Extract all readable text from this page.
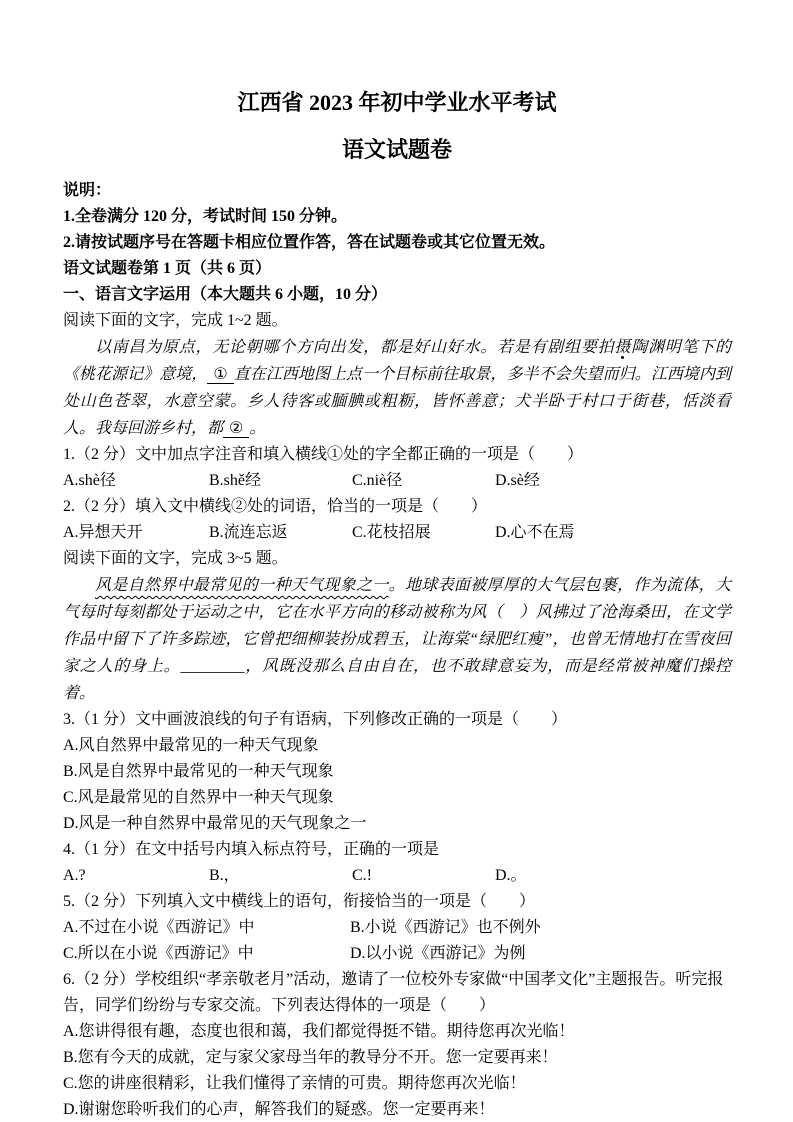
江西省 2023 年初中学业水平考试
语文试题卷
说明：
1.全卷满分 120 分，考试时间 150 分钟。
2.请按试题序号在答题卡相应位置作答，答在试题卷或其它位置无效。
语文试题卷第 1 页（共 6 页）
一、语言文字运用（本大题共 6 小题，10 分）
阅读下面的文字，完成 1~2 题。

以南昌为原点，无论朝哪个方向出发，都是好山好水。若是有剧组要拍摄陶渊明笔下的《桃花源记》意境， ① 直在江西地图上点一个目标前往取景，多半不会失望而归。江西境内到处山色苍翠，水意空蒙。乡人待客或腼腆或粗粝，皆怀善意；犬半卧于村口于街巷，恬淡看人。我每回游乡村，都 ② 。

1.（2 分）文中加点字注音和填入横线①处的字全都正确的一项是（　　）
A.shè径	B.shě经	C.niè径	D.sè经
2.（2 分）填入文中横线②处的词语，恰当的一项是（　　）
A.异想天开	B.流连忘返	C.花枝招展	D.心不在焉
阅读下面的文字，完成 3~5 题。

风是自然界中最常见的一种天气现象之一。地球表面被厚厚的大气层包裹，作为流体，大气每时每刻都处于运动之中，它在水平方向的移动被称为风（　）风拂过了沧海桑田，在文学作品中留下了许多踪迹，它曾把细柳装扮成碧玉，让海棠“绿肥红瘦”，也曾无情地打在雪夜回家之人的身上。________，风既没那么自由自在，也不敢肆意妄为，而是经常被神魔们操控着。

3.（1 分）文中画波浪线的句子有语病，下列修改正确的一项是（　　）
A.风自然界中最常见的一种天气现象
B.风是自然界中最常见的一种天气现象
C.风是最常见的自然界中一种天气现象
D.风是一种自然界中最常见的天气现象之一
4.（1 分）在文中括号内填入标点符号，正确的一项是
A.?	B.，	C.!	D.。
5.（2 分）下列填入文中横线上的语句，衔接恰当的一项是（　　）
A.不过在小说《西游记》中	B.小说《西游记》也不例外
C.所以在小说《西游记》中	D.以小说《西游记》为例
6.（2 分）学校组织“孝亲敬老月”活动，邀请了一位校外专家做“中国孝文化”主题报告。听完报告，同学们纷纷与专家交流。下列表达得体的一项是（　　）
A.您讲得很有趣，态度也很和蔼，我们都觉得挺不错。期待您再次光临！
B.您有今天的成就，定与家父家母当年的教导分不开。您一定要再来！
C.您的讲座很精彩，让我们懂得了亲情的可贵。期待您再次光临！
D.谢谢您聆听我们的心声，解答我们的疑惑。您一定要再来！
